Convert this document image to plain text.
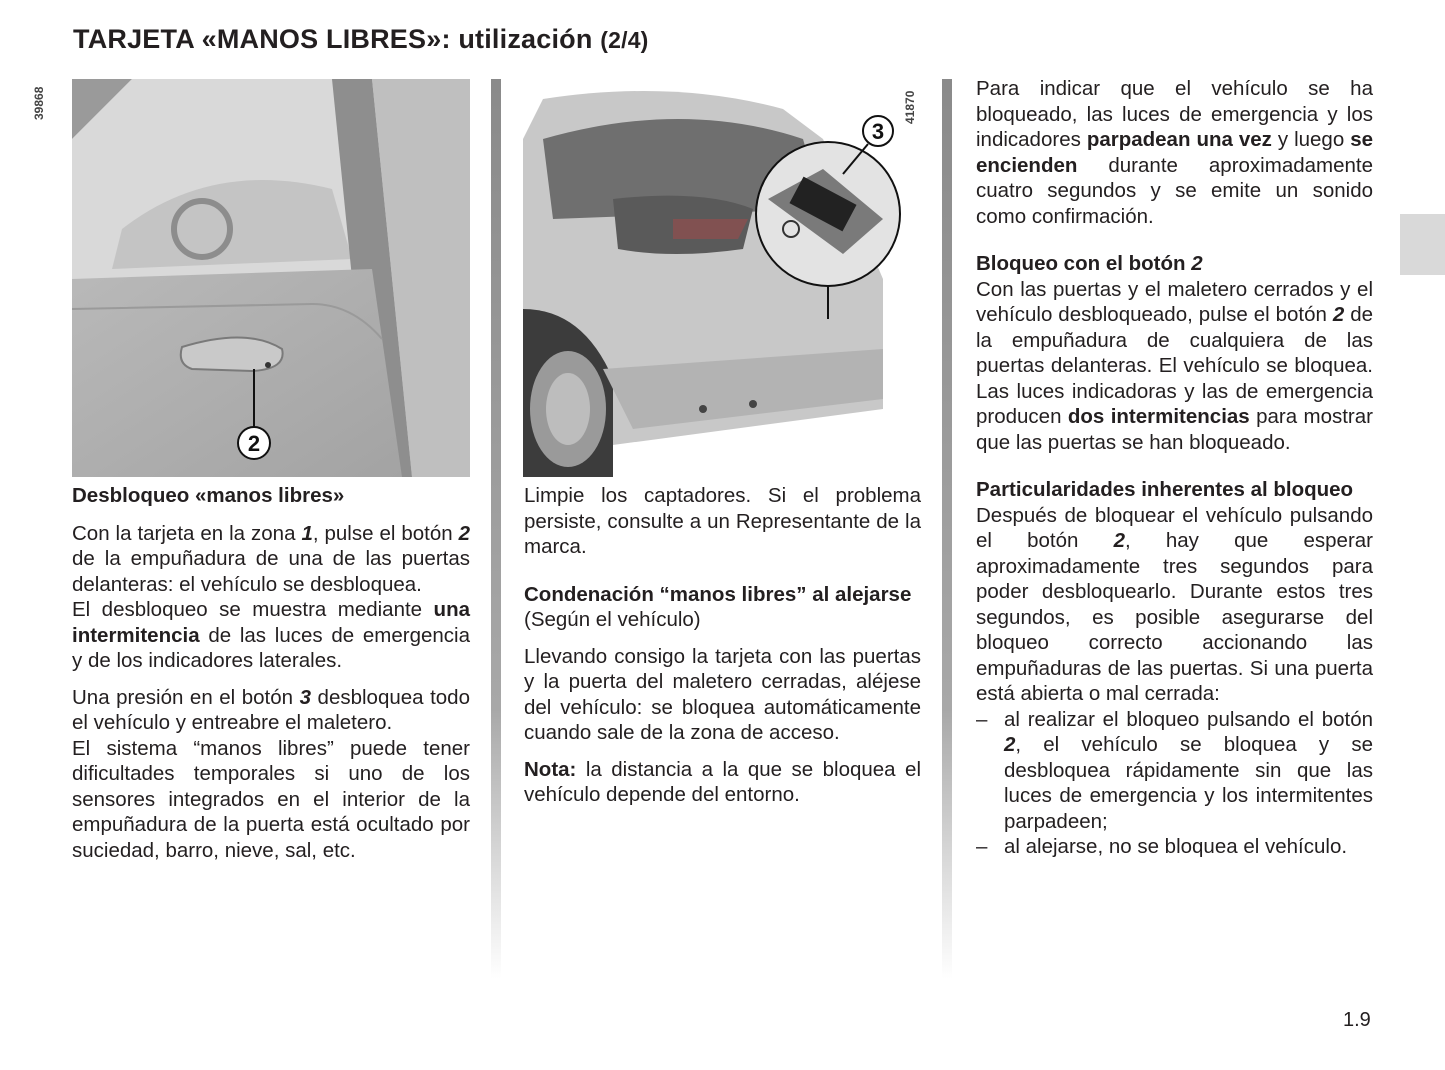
TARJETA «MANOS LIBRES»: utilización (2/4)
2
39868
3
41870
Desbloqueo «manos libres»

Con la tarjeta en la zona 1, pulse el botón 2 de la empuñadura de una de las puertas delanteras: el vehículo se desbloquea.

El desbloqueo se muestra mediante una intermitencia de las luces de emergencia y de los indicadores laterales.

Una presión en el botón 3 desbloquea todo el vehículo y entreabre el maletero.

El sistema “manos libres” puede tener dificultades temporales si uno de los sensores integrados en el interior de la empuñadura de la puerta está ocultado por suciedad, barro, nieve, sal, etc.

Limpie los captadores. Si el problema persiste, consulte a un Representante de la marca.

Condenación “manos libres” al alejarse

(Según el vehículo)

Llevando consigo la tarjeta con las puertas y la puerta del maletero cerradas, aléjese del vehículo: se bloquea automáticamente cuando sale de la zona de acceso.

Nota: la distancia a la que se bloquea el vehículo depende del entorno.

Para indicar que el vehículo se ha bloqueado, las luces de emergencia y los indicadores parpadean una vez y luego se encienden durante aproximadamente cuatro segundos y se emite un sonido como confirmación.

Bloqueo con el botón 2

Con las puertas y el maletero cerrados y el vehículo desbloqueado, pulse el botón 2 de la empuñadura de cualquiera de las puertas delanteras. El vehículo se bloquea. Las luces indicadoras y las de emergencia producen dos intermitencias para mostrar que las puertas se han bloqueado.

Particularidades inherentes al bloqueo

Después de bloquear el vehículo pulsando el botón 2, hay que esperar aproximadamente tres segundos para poder desbloquearlo. Durante estos tres segundos, es posible asegurarse del bloqueo correcto accionando las empuñaduras de las puertas. Si una puerta está abierta o mal cerrada:

– al realizar el bloqueo pulsando el botón 2, el vehículo se bloquea y se desbloquea rápidamente sin que las luces de emergencia y los intermitentes parpadeen;
– al alejarse, no se bloquea el vehículo.
1.9
